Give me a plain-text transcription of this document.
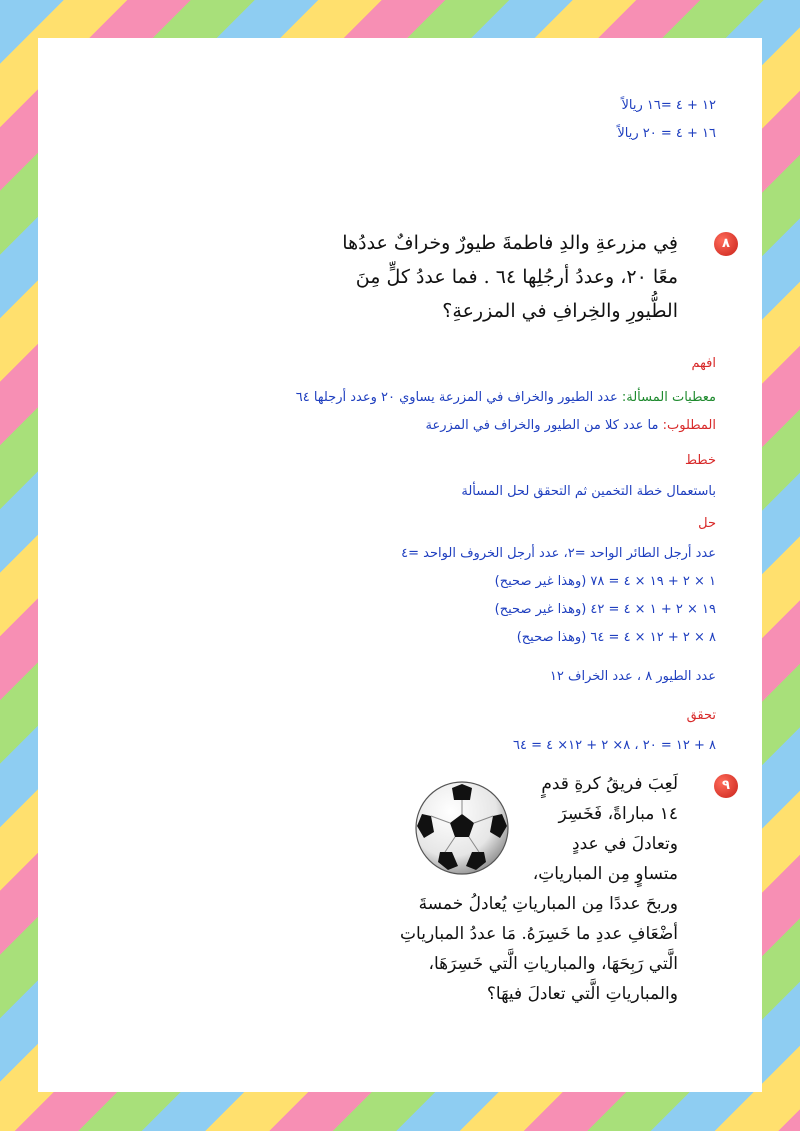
١٢ + ٤ =١٦ ريالاً
١٦ + ٤ = ٢٠ ريالاً
٨
فِي مزرعةِ والدِ فاطمةَ طيورٌ وخرافٌ عددُها
معًا ٢٠، وعددُ أرجُلِها ٦٤ . فما عددُ كلٍّ مِنَ
الطُّيورِ والخِرافِ في المزرعةِ؟
افهم
معطيات المسألة: عدد الطيور والخراف في المزرعة يساوي ٢٠ وعدد أرجلها ٦٤
المطلوب: ما عدد كلا من الطيور والخراف في المزرعة
خطط
باستعمال خطة التخمين ثم التحقق لحل المسألة
حل
عدد أرجل الطائر الواحد =٢، عدد أرجل الخروف الواحد =٤
١ × ٢ + ١٩ × ٤ = ٧٨ (وهذا غير صحيح)
١٩ × ٢ + ١ × ٤ = ٤٢ (وهذا غير صحيح)
٨ × ٢ + ١٢ × ٤ = ٦٤ (وهذا صحيح)
عدد الطيور ٨ ، عدد الخراف ١٢
تحقق
٨ + ١٢ = ٢٠ ، ٨× ٢ + ١٢× ٤ = ٦٤
٩
لَعِبَ فريقُ كرةِ قدمٍ
١٤ مباراةً، فَخَسِرَ
وتعادلَ في عددٍ
متساوٍ مِن المبارياتِ،
وربحَ عددًا مِن المبارياتِ يُعادلُ خمسةَ
أضْعَافِ عددِ ما خَسِرَهُ. مَا عددُ المبارياتِ
الَّتي رَبِحَهَا، والمبارياتِ الَّتي خَسِرَهَا،
والمبارياتِ الَّتي تعادلَ فيهَا؟
